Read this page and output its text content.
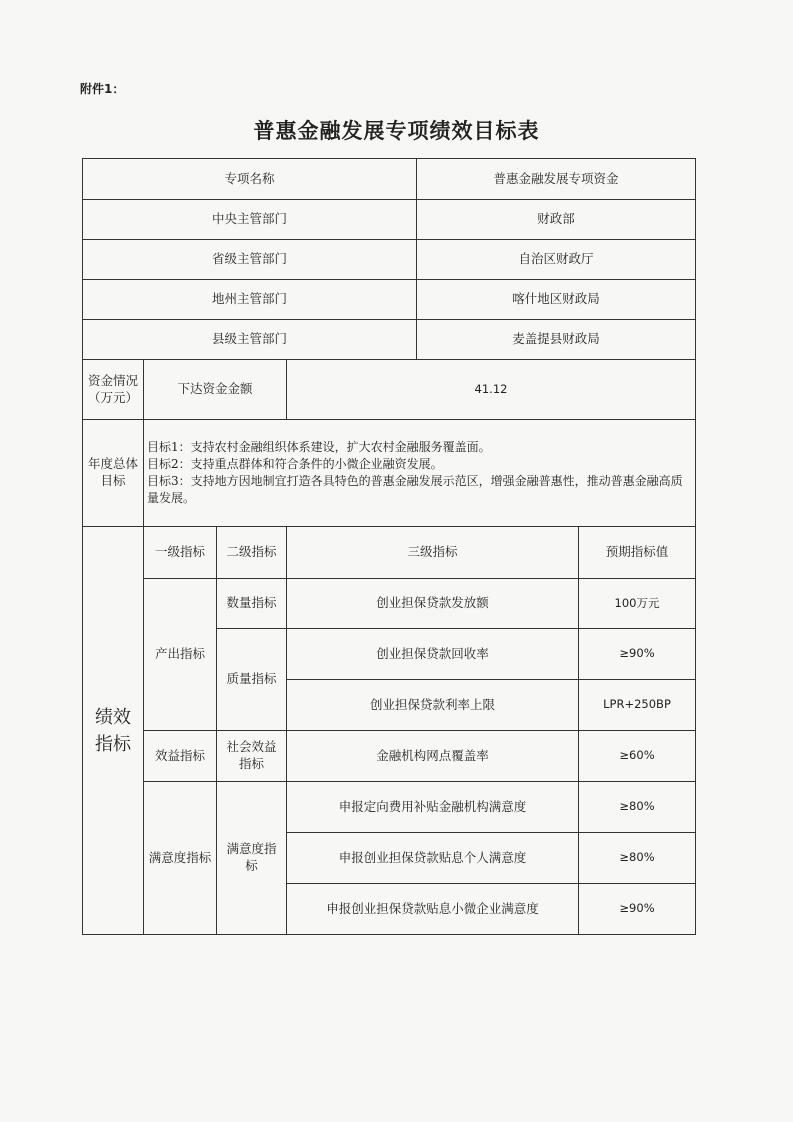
附件1：
普惠金融发展专项绩效目标表
专项名称				普惠金融发展专项资金	
中央主管部门				财政部	
省级主管部门				自治区财政厅	
地州主管部门				喀什地区财政局	
县级主管部门				麦盖提县财政局	
资金情况（万元）	下达资金金额		41.12		
年度总体目标	目标1：支持农村金融组织体系建设，扩大农村金融服务覆盖面。
目标2：支持重点群体和符合条件的小微企业融资发展。
目标3：支持地方因地制宜打造各具特色的普惠金融发展示范区，增强金融普惠性，推动普惠金融高质量发展。				

绩效指标	一级指标	二级指标	三级指标		预期指标值
	产出指标	数量指标	创业担保贷款发放额		100万元
		质量指标	创业担保贷款回收率		≥90%
			创业担保贷款利率上限		LPR+250BP
	效益指标	社会效益指标	金融机构网点覆盖率		≥60%
	满意度指标	满意度指标	申报定向费用补贴金融机构满意度		≥80%
			申报创业担保贷款贴息个人满意度		≥80%
			申报创业担保贷款贴息小微企业满意度		≥90%
